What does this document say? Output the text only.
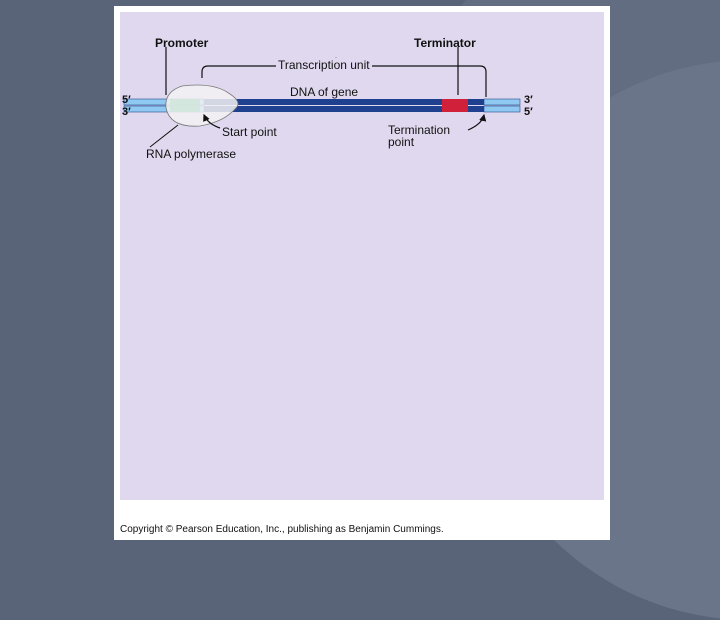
Promoter	Terminator
Transcription unit
DNA of gene
5′
3′
3′
5′
Start point	Termination
point
RNA polymerase
Copyright © Pearson Education, Inc., publishing as Benjamin Cummings.
